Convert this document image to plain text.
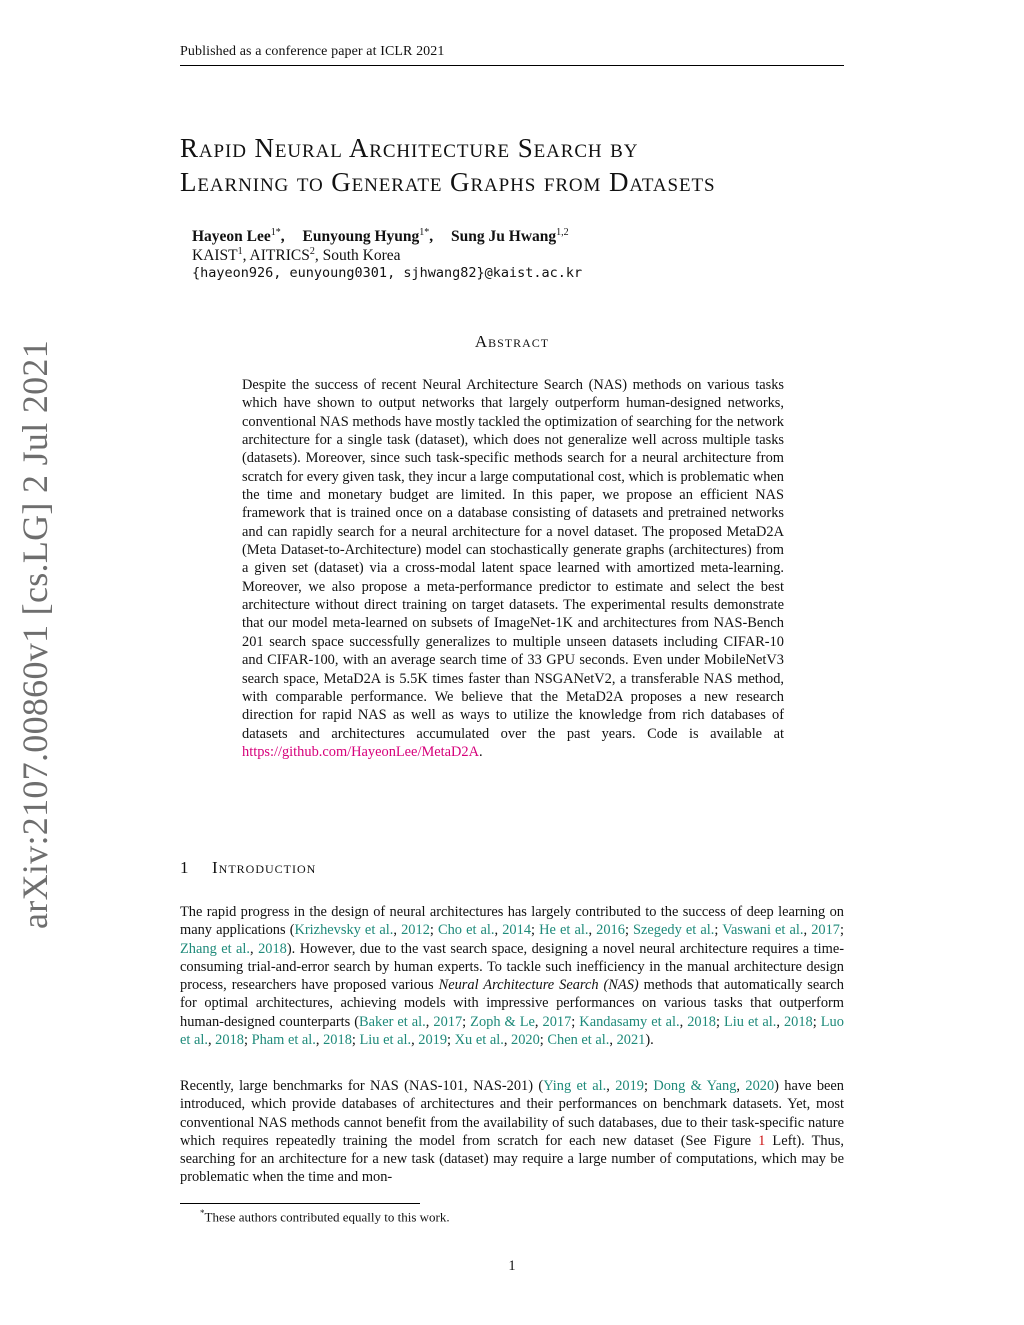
Published as a conference paper at ICLR 2021
arXiv:2107.00860v1 [cs.LG] 2 Jul 2021
Rapid Neural Architecture Search by
Learning to Generate Graphs from Datasets
Hayeon Lee$^{1*}$, Eunyoung Hyung$^{1*}$, Sung Ju Hwang$^{1,2}$
KAIST$^1$, AITRICS$^2$, South Korea
{hayeon926, eunyoung0301, sjhwang82}@kaist.ac.kr
Abstract

Despite the success of recent Neural Architecture Search (NAS) methods on various tasks which have shown to output networks that largely outperform human-designed networks, conventional NAS methods have mostly tackled the optimization of searching for the network architecture for a single task (dataset), which does not generalize well across multiple tasks (datasets). Moreover, since such task-specific methods search for a neural architecture from scratch for every given task, they incur a large computational cost, which is problematic when the time and monetary budget are limited. In this paper, we propose an efficient NAS framework that is trained once on a database consisting of datasets and pretrained networks and can rapidly search for a neural architecture for a novel dataset. The proposed MetaD2A (Meta Dataset-to-Architecture) model can stochastically generate graphs (architectures) from a given set (dataset) via a cross-modal latent space learned with amortized meta-learning. Moreover, we also propose a meta-performance predictor to estimate and select the best architecture without direct training on target datasets. The experimental results demonstrate that our model meta-learned on subsets of ImageNet-1K and architectures from NAS-Bench 201 search space successfully generalizes to multiple unseen datasets including CIFAR-10 and CIFAR-100, with an average search time of 33 GPU seconds. Even under MobileNetV3 search space, MetaD2A is 5.5K times faster than NSGANetV2, a transferable NAS method, with comparable performance. We believe that the MetaD2A proposes a new research direction for rapid NAS as well as ways to utilize the knowledge from rich databases of datasets and architectures accumulated over the past years. Code is available at https://github.com/HayeonLee/MetaD2A.

1 Introduction

The rapid progress in the design of neural architectures has largely contributed to the success of deep learning on many applications (Krizhevsky et al., 2012; Cho et al., 2014; He et al., 2016; Szegedy et al.; Vaswani et al., 2017; Zhang et al., 2018). However, due to the vast search space, designing a novel neural architecture requires a time-consuming trial-and-error search by human experts. To tackle such inefficiency in the manual architecture design process, researchers have proposed various Neural Architecture Search (NAS) methods that automatically search for optimal architectures, achieving models with impressive performances on various tasks that outperform human-designed counterparts (Baker et al., 2017; Zoph & Le, 2017; Kandasamy et al., 2018; Liu et al., 2018; Luo et al., 2018; Pham et al., 2018; Liu et al., 2019; Xu et al., 2020; Chen et al., 2021).

Recently, large benchmarks for NAS (NAS-101, NAS-201) (Ying et al., 2019; Dong & Yang, 2020) have been introduced, which provide databases of architectures and their performances on benchmark datasets. Yet, most conventional NAS methods cannot benefit from the availability of such databases, due to their task-specific nature which requires repeatedly training the model from scratch for each new dataset (See Figure 1 Left). Thus, searching for an architecture for a new task (dataset) may require a large number of computations, which may be problematic when the time and mon-

*These authors contributed equally to this work.
1
